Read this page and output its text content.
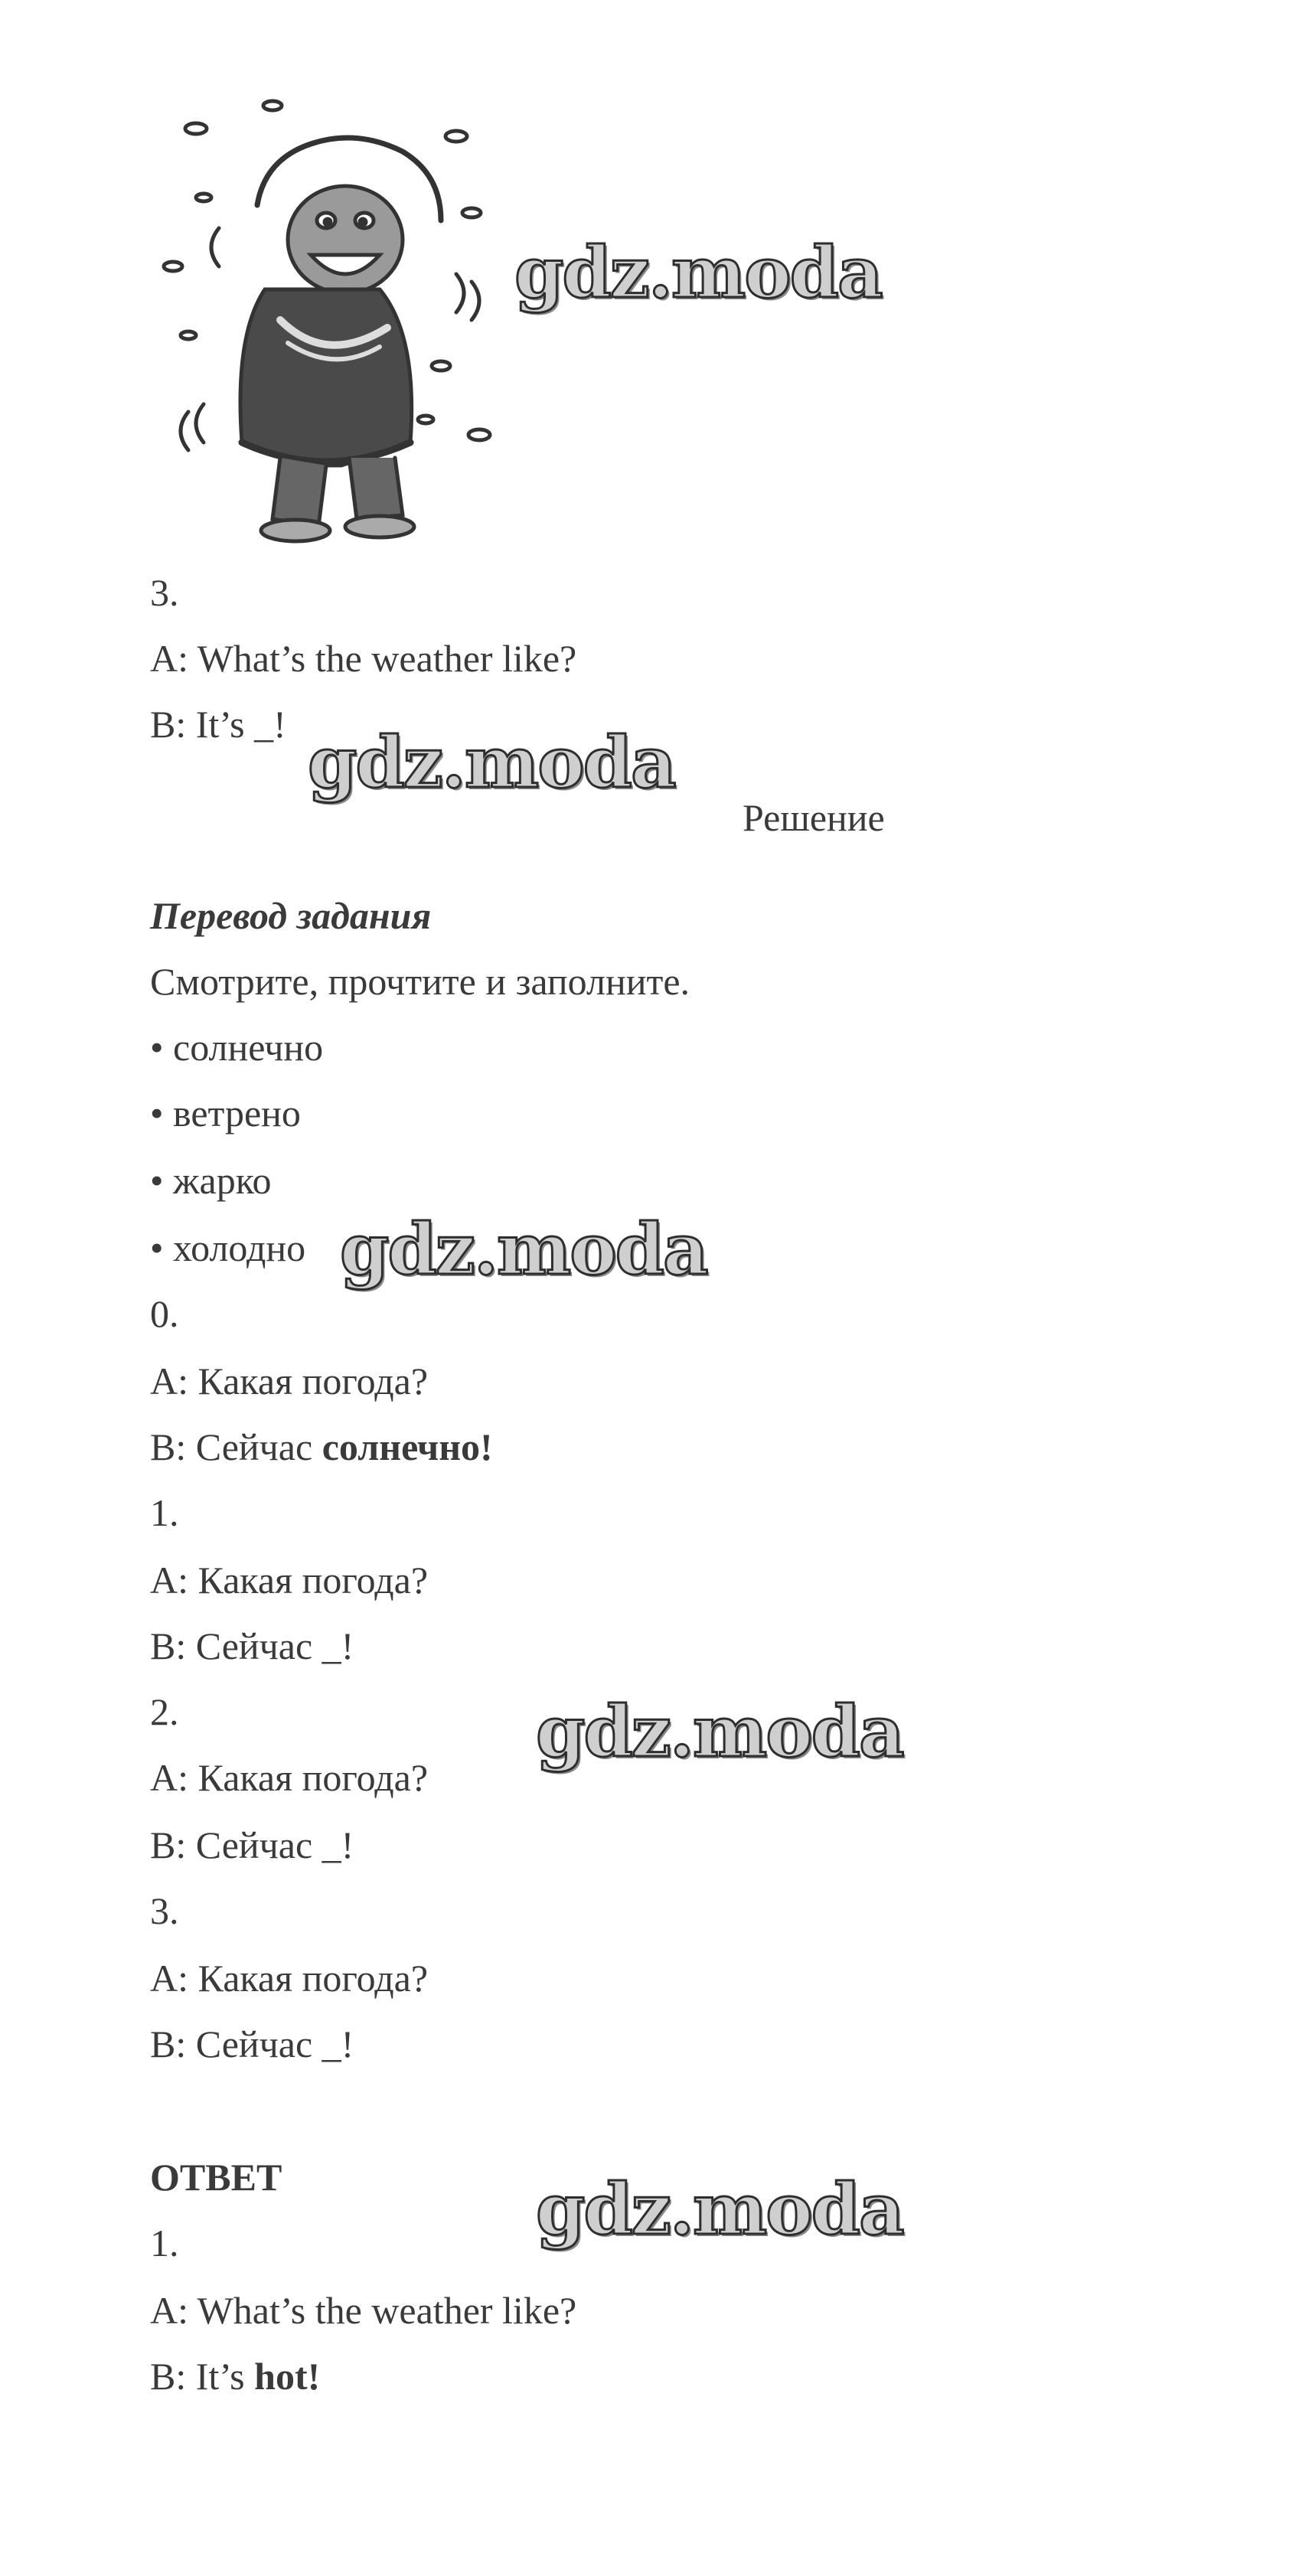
gdz.moda
3.
A: What’s the weather like?
B: It’s _! gdz.moda
Решение
Перевод задания
Смотрите, прочтите и заполните.
• солнечно
• ветрено
• жарко
• холодно gdz.moda
0.
A: Какая погода?
B: Сейчас солнечно!
1.
A: Какая погода?
B: Сейчас _!
2.
A: Какая погода?
B: Сейчас _!
gdz.moda
3.
A: Какая погода?
B: Сейчас _!
ОТВЕТ	gdz.moda
1.
A: What’s the weather like?
B: It’s hot!
